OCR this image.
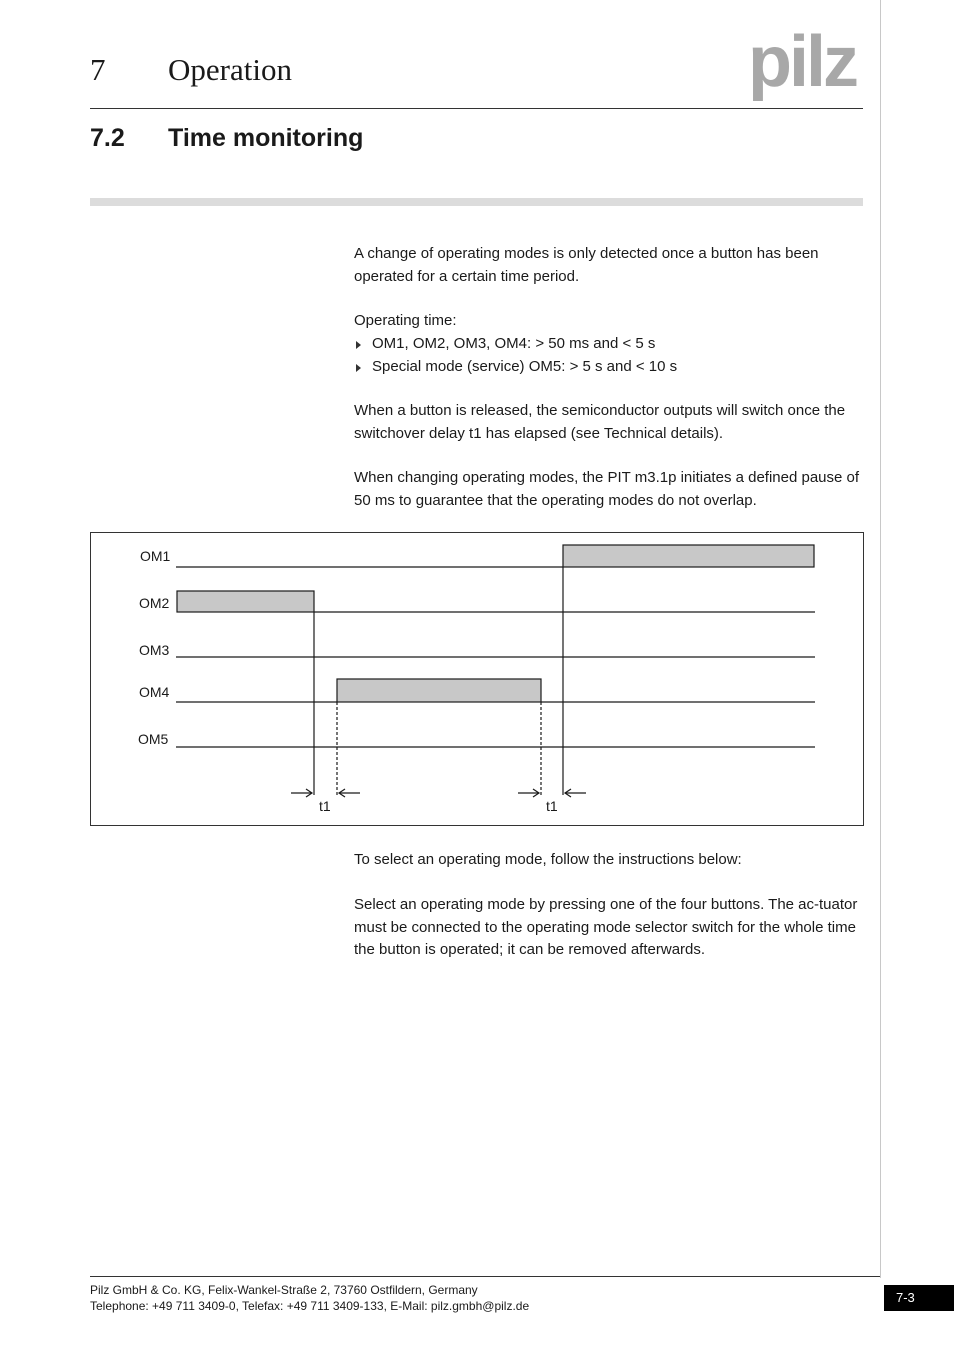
7 Operation	pilz
7.2 Time monitoring
A change of operating modes is only detected once a button has been operated for a certain time period.
Operating time:
OM1, OM2, OM3, OM4: > 50 ms and < 5 s
Special mode (service) OM5: > 5 s and < 10 s
When a button is released, the semiconductor outputs will switch once the switchover delay t1 has elapsed (see Technical details).
When changing operating modes, the PIT m3.1p initiates a defined pause of 50 ms to guarantee that the operating modes do not overlap.
OM1
OM2
OM3
OM4
OM5
t1	t1
To select an operating mode, follow the instructions below:
Select an operating mode by pressing one of the four buttons. The ac-tuator must be connected to the operating mode selector switch for the whole time the button is operated; it can be removed afterwards.
Pilz GmbH & Co. KG, Felix-Wankel-Straße 2, 73760 Ostfildern, Germany
Telephone: +49 711 3409-0, Telefax: +49 711 3409-133, E-Mail: pilz.gmbh@pilz.de
7-3
